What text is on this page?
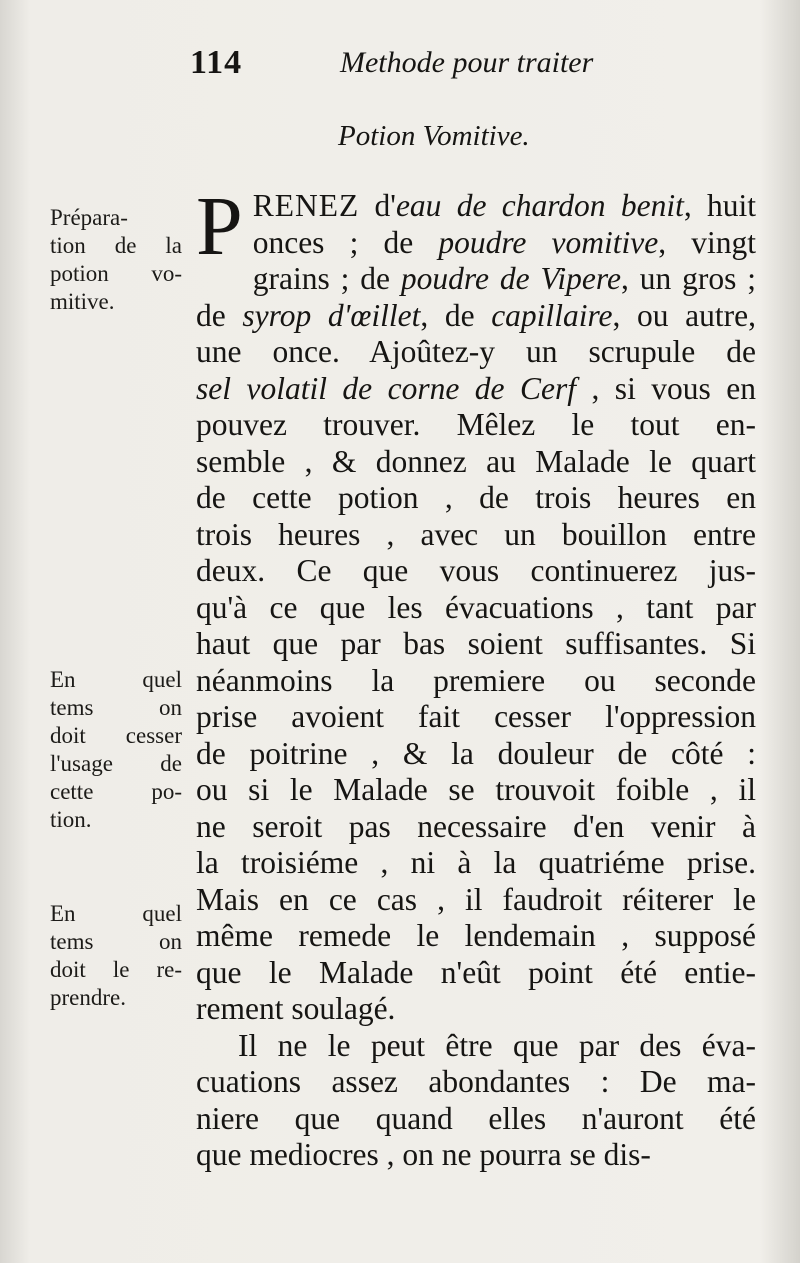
114	Methode pour traiter
Potion Vomitive.
Prépara-
tion de la
potion vo-
mitive.
En quel
tems on
doit cesser
l'usage de
cette po-
tion.
En quel
tems on
doit le re-
prendre.
P RENEZ d'eau de chardon benit, huit
onces ; de poudre vomitive, vingt
grains ; de poudre de Vipere, un gros ;
de syrop d'œillet, de capillaire, ou autre,
une once. Ajoûtez-y un scrupule de
sel volatil de corne de Cerf , si vous en
pouvez trouver. Mêlez le tout en-
semble , & donnez au Malade le quart
de cette potion , de trois heures en
trois heures , avec un bouillon entre
deux. Ce que vous continuerez jus-
qu'à ce que les évacuations , tant par
haut que par bas soient suffisantes. Si
néanmoins la premiere ou seconde
prise avoient fait cesser l'oppression
de poitrine , & la douleur de côté :
ou si le Malade se trouvoit foible , il
ne seroit pas necessaire d'en venir à
la troisiéme , ni à la quatriéme prise.
Mais en ce cas , il faudroit réiterer le
même remede le lendemain , supposé
que le Malade n'eût point été entie-
rement soulagé.
Il ne le peut être que par des éva-
cuations assez abondantes : De ma-
niere que quand elles n'auront été
que mediocres , on ne pourra se dis-
